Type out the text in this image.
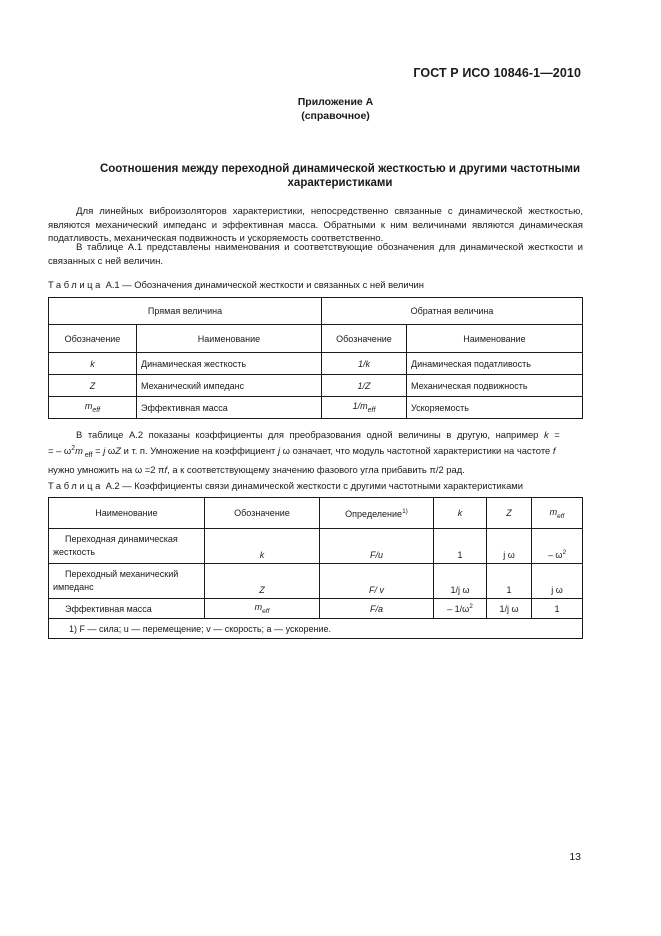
ГОСТ Р ИСО 10846-1—2010
Приложение А
(справочное)
Соотношения между переходной динамической жесткостью и другими частотными характеристиками
Для линейных виброизоляторов характеристики, непосредственно связанные с динамической жесткостью, являются механический импеданс и эффективная масса. Обратными к ним величинами являются динамическая податливость, механическая подвижность и ускоряемость соответственно.
В таблице А.1 представлены наименования и соответствующие обозначения для динамической жесткости и связанных с ней величин.
Таблица А.1 — Обозначения динамической жесткости и связанных с ней величин
Прямая величина		Обратная величина	
Обозначение	Наименование	Обозначение	Наименование
k	Динамическая жесткость	1/k	Динамическая податливость
Z	Механический импеданс	1/Z	Механическая подвижность
$m_{eff}$	Эффективная масса	$1/m_{eff}$	Ускоряемость
В таблице А.2 показаны коэффициенты для преобразования одной величины в другую, например k =
= – $\omega^2m$ $_{eff}$ = j ωZ и т. п. Умножение на коэффициент j ω означает, что модуль частотной характеристики на частоте f
нужно умножить на ω =2 πf, а к соответствующему значению фазового угла прибавить π/2 рад.
Таблица А.2 — Коэффициенты связи динамической жесткости с другими частотными характеристиками
Наименование	Обозначение	Определение$^{1)}$	k	Z	$m_{eff}$

Переходная динамическая
жесткость	k	F/u	1	j ω	– $\omega^2$

Переходный механический
импеданс	Z	F/ v	1/j ω	1	j ω
Эффективная масса	$m_{eff}$	F/a	– $1/\omega^2$	1/j ω	1
1) F — сила; u — перемещение; v — скорость; a — ускорение.					
13
